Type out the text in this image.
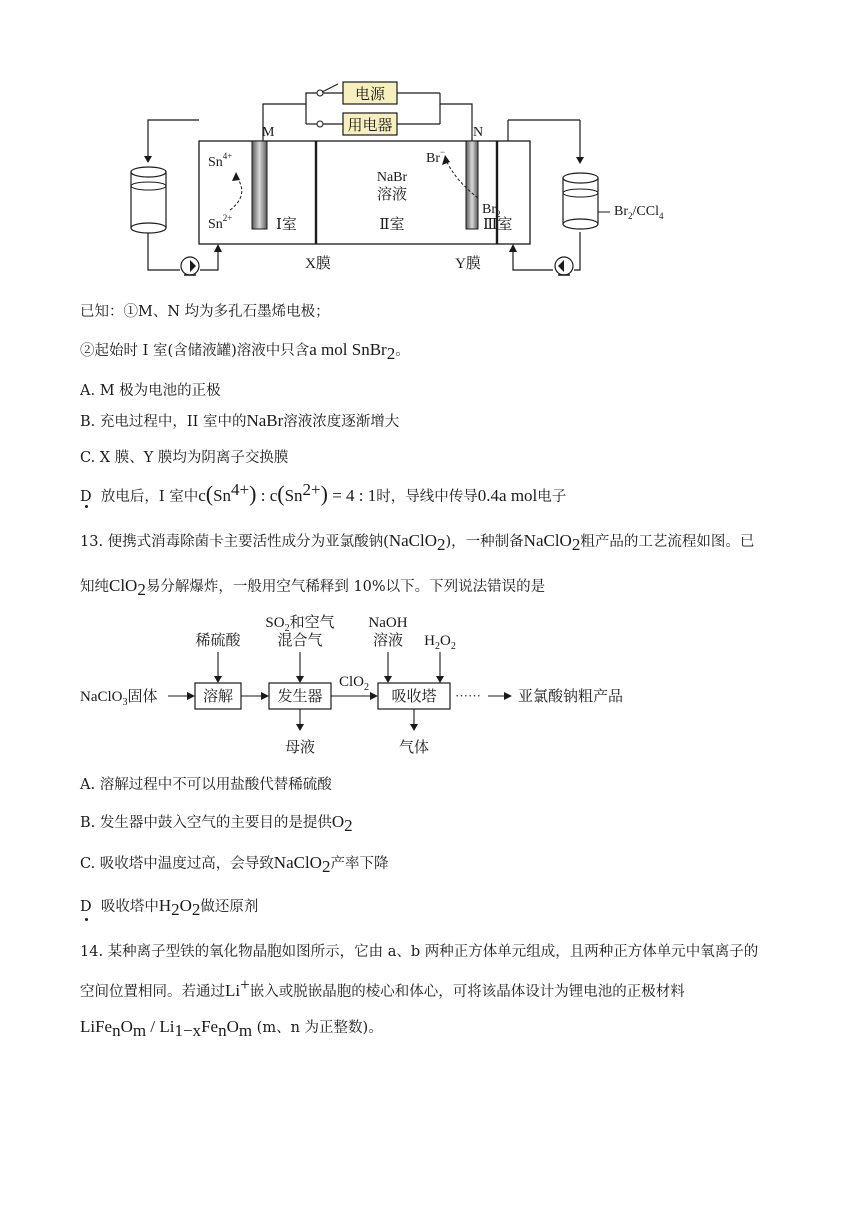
电源
用电器
M	N
$Sn^{4+}$
$Sn^{2+}$	Ⅰ室
NaBr
溶液
Ⅱ室
Br−
$Br_2$
Ⅲ室
X膜	Y膜
$Br_2/CCl_4$
已知：①M、N 均为多孔石墨烯电极；
②起始时 I 室(含储液罐)溶液中只含a mol SnBr$_2$。
A. M 极为电池的正极
B. 充电过程中，II 室中的NaBr溶液浓度逐渐增大
C. X 膜、Y 膜均为阴离子交换膜
D 放电后，I 室中$c(Sn^{4+})$ : $c(Sn^{2+}) = 4$ : 1时，导线中传导0.4a mol电子
13. 便携式消毒除菌卡主要活性成分为亚氯酸钠(NaClO$_2$)，一种制备NaClO$_2$粗产品的工艺流程如图。已
知纯ClO$_2$易分解爆炸，一般用空气稀释到 10%以下。下列说法错误的是
稀硫酸
$SO_2$和空气
混合气
NaOH
溶液 $H_2O_2$
NaClO$_3$固体	溶解	发生器
ClO$_2$
吸收塔 ······ 亚氯酸钠粗产品
母液	气体
A. 溶解过程中不可以用盐酸代替稀硫酸
B. 发生器中鼓入空气的主要目的是提供$O_2$
C. 吸收塔中温度过高，会导致NaClO$_2$产率下降
D 吸收塔中$H_2O_2$做还原剂
14. 某种离子型铁的氧化物晶胞如图所示，它由 a、b 两种正方体单元组成，且两种正方体单元中氧离子的
空间位置相同。若通过Li+嵌入或脱嵌晶胞的棱心和体心，可将该晶体设计为锂电池的正极材料
$LiFe_nO_m / Li_{1-x}Fe_nO_m$ (m、n 为正整数)。
